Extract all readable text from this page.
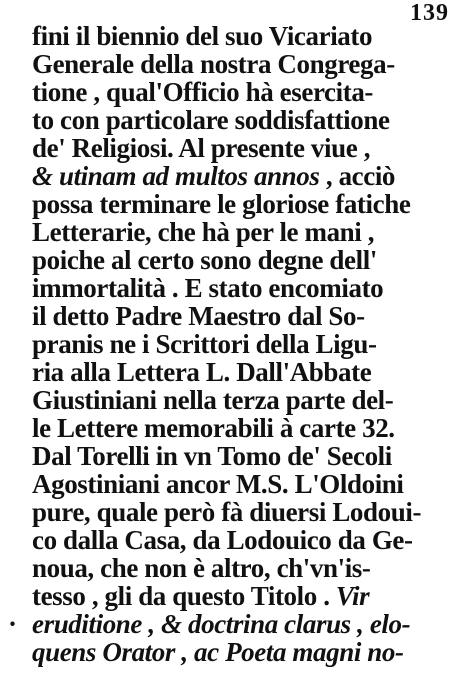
139
fini il biennio del suo Vicariato
Generale della nostra Congrega-
tione , qual'Officio hà esercita-
to con particolare soddisfattione
de' Religiosi. Al presente viue ,
& utinam ad multos annos , acciò
possa terminare le gloriose fatiche
Letterarie, che hà per le mani ,
poiche al certo sono degne dell'
immortalità . E stato encomiato
il detto Padre Maestro dal So-
pranis ne i Scrittori della Ligu-
ria alla Lettera L. Dall'Abbate
Giustiniani nella terza parte del-
le Lettere memorabili à carte 32.
Dal Torelli in vn Tomo de' Secoli
Agostiniani ancor M.S. L'Oldoini
pure, quale però fà diuersi Lodoui-
co dalla Casa, da Lodouico da Ge-
noua, che non è altro, ch'vn'is-
tesso , gli da questo Titolo . Vir
· eruditione , & doctrina clarus , elo-
quens Orator , ac Poeta magni no-
